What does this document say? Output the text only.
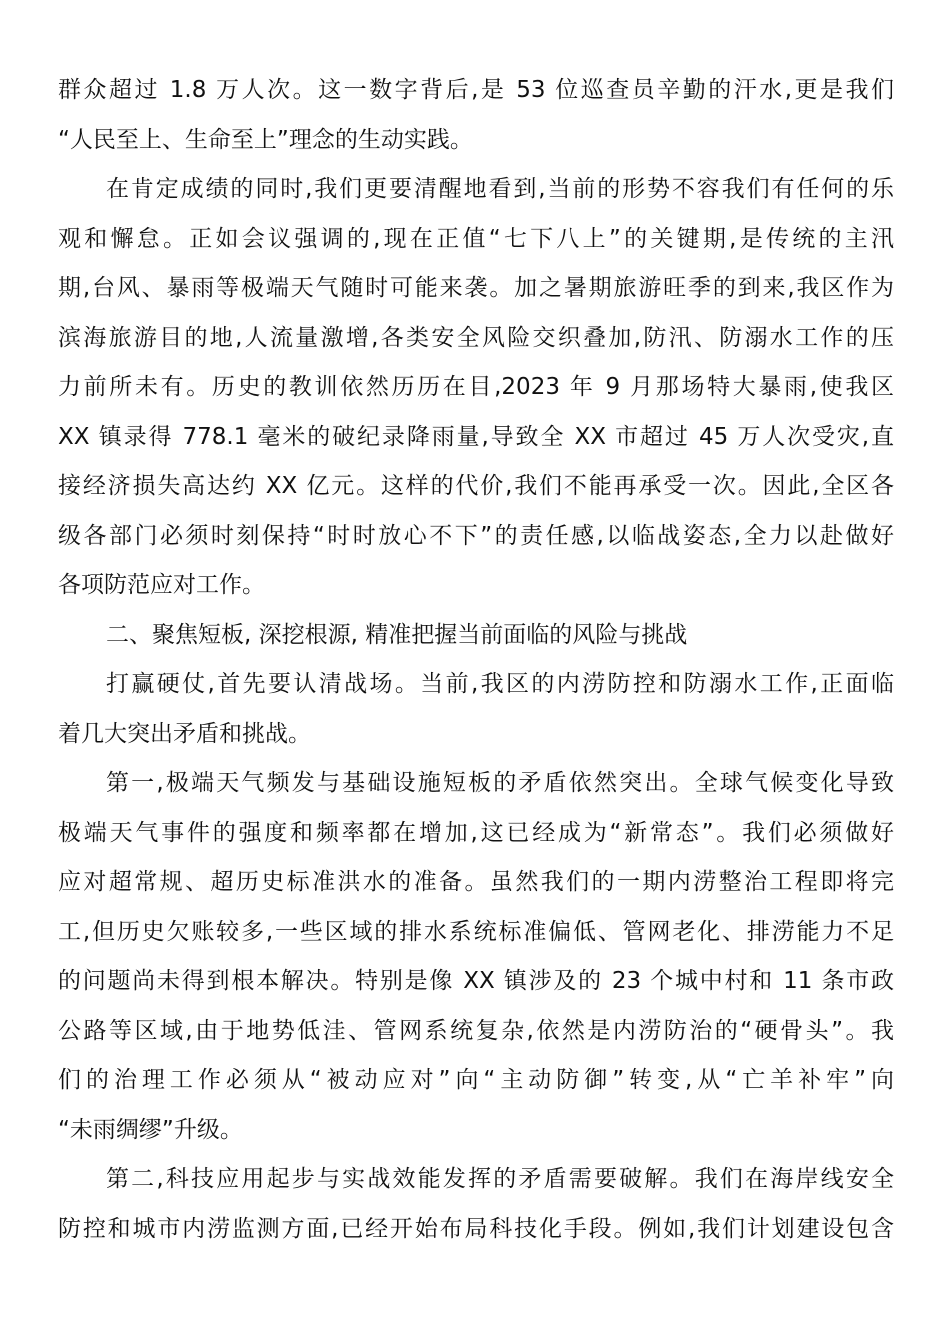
群众超过 1.8 万人次。这一数字背后,是 53 位巡查员辛勤的汗水,更是我们
“人民至上、生命至上”理念的生动实践。
在肯定成绩的同时,我们更要清醒地看到,当前的形势不容我们有任何的乐
观和懈怠。正如会议强调的,现在正值“七下八上”的关键期,是传统的主汛
期,台风、暴雨等极端天气随时可能来袭。加之暑期旅游旺季的到来,我区作为
滨海旅游目的地,人流量激增,各类安全风险交织叠加,防汛、防溺水工作的压
力前所未有。历史的教训依然历历在目,2023 年 9 月那场特大暴雨,使我区
XX 镇录得 778.1 毫米的破纪录降雨量,导致全 XX 市超过 45 万人次受灾,直
接经济损失高达约 XX 亿元。这样的代价,我们不能再承受一次。因此,全区各
级各部门必须时刻保持“时时放心不下”的责任感,以临战姿态,全力以赴做好
各项防范应对工作。
二、聚焦短板, 深挖根源, 精准把握当前面临的风险与挑战
打赢硬仗,首先要认清战场。当前,我区的内涝防控和防溺水工作,正面临
着几大突出矛盾和挑战。
第一,极端天气频发与基础设施短板的矛盾依然突出。全球气候变化导致
极端天气事件的强度和频率都在增加,这已经成为“新常态”。我们必须做好
应对超常规、超历史标准洪水的准备。虽然我们的一期内涝整治工程即将完
工,但历史欠账较多,一些区域的排水系统标准偏低、管网老化、排涝能力不足
的问题尚未得到根本解决。特别是像 XX 镇涉及的 23 个城中村和 11 条市政
公路等区域,由于地势低洼、管网系统复杂,依然是内涝防治的“硬骨头”。我
们的治理工作必须从“被动应对”向“主动防御”转变,从“亡羊补牢”向
“未雨绸缪”升级。
第二,科技应用起步与实战效能发挥的矛盾需要破解。我们在海岸线安全
防控和城市内涝监测方面,已经开始布局科技化手段。例如,我们计划建设包含
